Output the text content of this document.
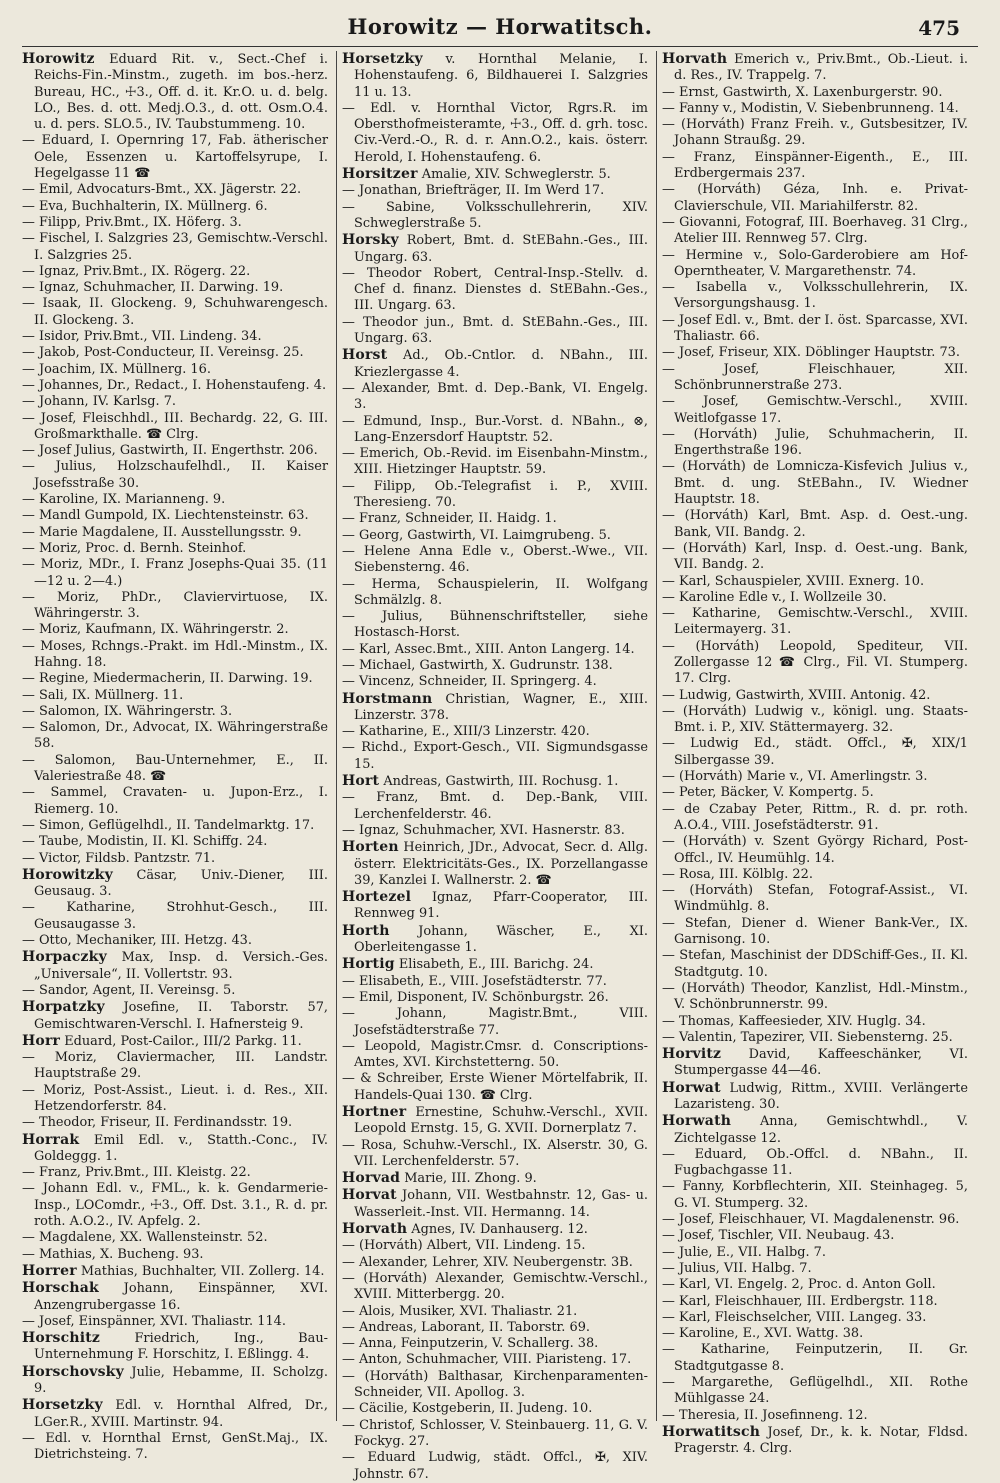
Horowitz — Horwatitsch.	475

Horowitz Eduard Rit. v., Sect.-Chef i. Reichs-Fin.-Minstm., zugeth. im bos.-herz. Bureau, HC., ☩3., Off. d. it. Kr.O. u. d. belg. LO., Bes. d. ott. Medj.O.3., d. ott. Osm.O.4. u. d. pers. SLO.5., IV. Taubstummeng. 10.

— Eduard, I. Opernring 17, Fab. ätherischer Oele, Essenzen u. Kartoffelsyrupe, I. Hegelgasse 11 ☎

— Emil, Advocaturs-Bmt., XX. Jägerstr. 22.

— Eva, Buchhalterin, IX. Müllnerg. 6.

— Filipp, Priv.Bmt., IX. Höferg. 3.

— Fischel, I. Salzgries 23, Gemischtw.-Verschl. I. Salzgries 25.

— Ignaz, Priv.Bmt., IX. Rögerg. 22.

— Ignaz, Schuhmacher, II. Darwing. 19.

— Isaak, II. Glockeng. 9, Schuhwarengesch. II. Glockeng. 3.

— Isidor, Priv.Bmt., VII. Lindeng. 34.

— Jakob, Post-Conducteur, II. Vereinsg. 25.

— Joachim, IX. Müllnerg. 16.

— Johannes, Dr., Redact., I. Hohenstaufeng. 4.

— Johann, IV. Karlsg. 7.

— Josef, Fleischhdl., III. Bechardg. 22, G. III. Großmarkthalle. ☎ Clrg.

— Josef Julius, Gastwirth, II. Engerthstr. 206.

— Julius, Holzschaufelhdl., II. Kaiser Josefsstraße 30.

— Karoline, IX. Marianneng. 9.

— Mandl Gumpold, IX. Liechtensteinstr. 63.

— Marie Magdalene, II. Ausstellungsstr. 9.

— Moriz, Proc. d. Bernh. Steinhof.

— Moriz, MDr., I. Franz Josephs-Quai 35. (11—12 u. 2—4.)

— Moriz, PhDr., Claviervirtuose, IX. Währingerstr. 3.

— Moriz, Kaufmann, IX. Währingerstr. 2.

— Moses, Rchngs.-Prakt. im Hdl.-Minstm., IX. Hahng. 18.

— Regine, Miedermacherin, II. Darwing. 19.

— Sali, IX. Müllnerg. 11.

— Salomon, IX. Währingerstr. 3.

— Salomon, Dr., Advocat, IX. Währingerstraße 58.

— Salomon, Bau-Unternehmer, E., II. Valeriestraße 48. ☎

— Sammel, Cravaten- u. Jupon-Erz., I. Riemerg. 10.

— Simon, Geflügelhdl., II. Tandelmarktg. 17.

— Taube, Modistin, II. Kl. Schiffg. 24.

— Victor, Fildsb. Pantzstr. 71.

Horowitzky Cäsar, Univ.-Diener, III. Geusaug. 3.

— Katharine, Strohhut-Gesch., III. Geusaugasse 3.

— Otto, Mechaniker, III. Hetzg. 43.

Horpaczky Max, Insp. d. Versich.-Ges. „Universale“, II. Vollertstr. 93.

— Sandor, Agent, II. Vereinsg. 5.

Horpatzky Josefine, II. Taborstr. 57, Gemischtwaren-Verschl. I. Hafnersteig 9.

Horr Eduard, Post-Cailor., III/2 Parkg. 11.

— Moriz, Claviermacher, III. Landstr. Hauptstraße 29.

— Moriz, Post-Assist., Lieut. i. d. Res., XII. Hetzendorferstr. 84.

— Theodor, Friseur, II. Ferdinandsstr. 19.

Horrak Emil Edl. v., Statth.-Conc., IV. Goldeggg. 1.

— Franz, Priv.Bmt., III. Kleistg. 22.

— Johann Edl. v., FML., k. k. Gendarmerie-Insp., LOComdr., ☩3., Off. Dst. 3.1., R. d. pr. roth. A.O.2., IV. Apfelg. 2.

— Magdalene, XX. Wallensteinstr. 52.

— Mathias, X. Bucheng. 93.

Horrer Mathias, Buchhalter, VII. Zollerg. 14.

Horschak Johann, Einspänner, XVI. Anzengrubergasse 16.

— Josef, Einspänner, XVI. Thaliastr. 114.

Horschitz Friedrich, Ing., Bau-Unternehmung F. Horschitz, I. Eßlingg. 4.

Horschovsky Julie, Hebamme, II. Scholzg. 9.

Horsetzky Edl. v. Hornthal Alfred, Dr., LGer.R., XVIII. Martinstr. 94.

— Edl. v. Hornthal Ernst, GenSt.Maj., IX. Dietrichsteing. 7.

Horsetzky v. Hornthal Melanie, I. Hohenstaufeng. 6, Bildhauerei I. Salzgries 11 u. 13.

— Edl. v. Hornthal Victor, Rgrs.R. im Obersthofmeisteramte, ☩3., Off. d. grh. tosc. Civ.-Verd.-O., R. d. r. Ann.O.2., kais. österr. Herold, I. Hohenstaufeng. 6.

Horsitzer Amalie, XIV. Schweglerstr. 5.

— Jonathan, Briefträger, II. Im Werd 17.

— Sabine, Volksschullehrerin, XIV. Schweglerstraße 5.

Horsky Robert, Bmt. d. StEBahn.-Ges., III. Ungarg. 63.

— Theodor Robert, Central-Insp.-Stellv. d. Chef d. finanz. Dienstes d. StEBahn.-Ges., III. Ungarg. 63.

— Theodor jun., Bmt. d. StEBahn.-Ges., III. Ungarg. 63.

Horst Ad., Ob.-Cntlor. d. NBahn., III. Kriezlergasse 4.

— Alexander, Bmt. d. Dep.-Bank, VI. Engelg. 3.

— Edmund, Insp., Bur.-Vorst. d. NBahn., ⊗, Lang-Enzersdorf Hauptstr. 52.

— Emerich, Ob.-Revid. im Eisenbahn-Minstm., XIII. Hietzinger Hauptstr. 59.

— Filipp, Ob.-Telegrafist i. P., XVIII. Theresieng. 70.

— Franz, Schneider, II. Haidg. 1.

— Georg, Gastwirth, VI. Laimgrubeng. 5.

— Helene Anna Edle v., Oberst.-Wwe., VII. Siebensterng. 46.

— Herma, Schauspielerin, II. Wolfgang Schmälzlg. 8.

— Julius, Bühnenschriftsteller, siehe Hostasch-Horst.

— Karl, Assec.Bmt., XIII. Anton Langerg. 14.

— Michael, Gastwirth, X. Gudrunstr. 138.

— Vincenz, Schneider, II. Springerg. 4.

Horstmann Christian, Wagner, E., XIII. Linzerstr. 378.

— Katharine, E., XIII/3 Linzerstr. 420.

— Richd., Export-Gesch., VII. Sigmundsgasse 15.

Hort Andreas, Gastwirth, III. Rochusg. 1.

— Franz, Bmt. d. Dep.-Bank, VIII. Lerchenfelderstr. 46.

— Ignaz, Schuhmacher, XVI. Hasnerstr. 83.

Horten Heinrich, JDr., Advocat, Secr. d. Allg. österr. Elektricitäts-Ges., IX. Porzellangasse 39, Kanzlei I. Wallnerstr. 2. ☎

Hortezel Ignaz, Pfarr-Cooperator, III. Rennweg 91.

Horth Johann, Wäscher, E., XI. Oberleitengasse 1.

Hortig Elisabeth, E., III. Barichg. 24.

— Elisabeth, E., VIII. Josefstädterstr. 77.

— Emil, Disponent, IV. Schönburgstr. 26.

— Johann, Magistr.Bmt., VIII. Josefstädterstraße 77.

— Leopold, Magistr.Cmsr. d. Conscriptions-Amtes, XVI. Kirchstetterng. 50.

— & Schreiber, Erste Wiener Mörtelfabrik, II. Handels-Quai 130. ☎ Clrg.

Hortner Ernestine, Schuhw.-Verschl., XVII. Leopold Ernstg. 15, G. XVII. Dornerplatz 7.

— Rosa, Schuhw.-Verschl., IX. Alserstr. 30, G. VII. Lerchenfelderstr. 57.

Horvad Marie, III. Zhong. 9.

Horvat Johann, VII. Westbahnstr. 12, Gas- u. Wasserleit.-Inst. VII. Hermanng. 14.

Horvath Agnes, IV. Danhauserg. 12.

— (Horváth) Albert, VII. Lindeng. 15.

— Alexander, Lehrer, XIV. Neubergenstr. 3B.

— (Horváth) Alexander, Gemischtw.-Verschl., XVIII. Mitterbergg. 20.

— Alois, Musiker, XVI. Thaliastr. 21.

— Andreas, Laborant, II. Taborstr. 69.

— Anna, Feinputzerin, V. Schallerg. 38.

— Anton, Schuhmacher, VIII. Piaristeng. 17.

— (Horváth) Balthasar, Kirchenparamenten-Schneider, VII. Apollog. 3.

— Cäcilie, Kostgeberin, II. Judeng. 10.

— Christof, Schlosser, V. Steinbauerg. 11, G. V. Fockyg. 27.

— Eduard Ludwig, städt. Offcl., ✠, XIV. Johnstr. 67.

Horvath Emerich v., Priv.Bmt., Ob.-Lieut. i. d. Res., IV. Trappelg. 7.

— Ernst, Gastwirth, X. Laxenburgerstr. 90.

— Fanny v., Modistin, V. Siebenbrunneng. 14.

— (Horváth) Franz Freih. v., Gutsbesitzer, IV. Johann Straußg. 29.

— Franz, Einspänner-Eigenth., E., III. Erdbergermais 237.

— (Horváth) Géza, Inh. e. Privat-Clavierschule, VII. Mariahilferstr. 82.

— Giovanni, Fotograf, III. Boerhaveg. 31 Clrg., Atelier III. Rennweg 57. Clrg.

— Hermine v., Solo-Garderobiere am Hof-Operntheater, V. Margarethenstr. 74.

— Isabella v., Volksschullehrerin, IX. Versorgungshausg. 1.

— Josef Edl. v., Bmt. der I. öst. Sparcasse, XVI. Thaliastr. 66.

— Josef, Friseur, XIX. Döblinger Hauptstr. 73.

— Josef, Fleischhauer, XII. Schönbrunnerstraße 273.

— Josef, Gemischtw.-Verschl., XVIII. Weitlofgasse 17.

— (Horváth) Julie, Schuhmacherin, II. Engerthstraße 196.

— (Horváth) de Lomnicza-Kisfevich Julius v., Bmt. d. ung. StEBahn., IV. Wiedner Hauptstr. 18.

— (Horváth) Karl, Bmt. Asp. d. Oest.-ung. Bank, VII. Bandg. 2.

— (Horváth) Karl, Insp. d. Oest.-ung. Bank, VII. Bandg. 2.

— Karl, Schauspieler, XVIII. Exnerg. 10.

— Karoline Edle v., I. Wollzeile 30.

— Katharine, Gemischtw.-Verschl., XVIII. Leitermayerg. 31.

— (Horváth) Leopold, Spediteur, VII. Zollergasse 12 ☎ Clrg., Fil. VI. Stumperg. 17. Clrg.

— Ludwig, Gastwirth, XVIII. Antonig. 42.

— (Horváth) Ludwig v., königl. ung. Staats-Bmt. i. P., XIV. Stättermayerg. 32.

— Ludwig Ed., städt. Offcl., ✠, XIX/1 Silbergasse 39.

— (Horváth) Marie v., VI. Amerlingstr. 3.

— Peter, Bäcker, V. Kompertg. 5.

— de Czabay Peter, Rittm., R. d. pr. roth. A.O.4., VIII. Josefstädterstr. 91.

— (Horváth) v. Szent György Richard, Post-Offcl., IV. Heumühlg. 14.

— Rosa, III. Kölblg. 22.

— (Horváth) Stefan, Fotograf-Assist., VI. Windmühlg. 8.

— Stefan, Diener d. Wiener Bank-Ver., IX. Garnisong. 10.

— Stefan, Maschinist der DDSchiff-Ges., II. Kl. Stadtgutg. 10.

— (Horváth) Theodor, Kanzlist, Hdl.-Minstm., V. Schönbrunnerstr. 99.

— Thomas, Kaffeesieder, XIV. Huglg. 34.

— Valentin, Tapezirer, VII. Siebensterng. 25.

Horvitz David, Kaffeeschänker, VI. Stumpergasse 44—46.

Horwat Ludwig, Rittm., XVIII. Verlängerte Lazaristeng. 30.

Horwath Anna, Gemischtwhdl., V. Zichtelgasse 12.

— Eduard, Ob.-Offcl. d. NBahn., II. Fugbachgasse 11.

— Fanny, Korbflechterin, XII. Steinhageg. 5, G. VI. Stumperg. 32.

— Josef, Fleischhauer, VI. Magdalenenstr. 96.

— Josef, Tischler, VII. Neubaug. 43.

— Julie, E., VII. Halbg. 7.

— Julius, VII. Halbg. 7.

— Karl, VI. Engelg. 2, Proc. d. Anton Goll.

— Karl, Fleischhauer, III. Erdbergstr. 118.

— Karl, Fleischselcher, VIII. Langeg. 33.

— Karoline, E., XVI. Wattg. 38.

— Katharine, Feinputzerin, II. Gr. Stadtgutgasse 8.

— Margarethe, Geflügelhdl., XII. Rothe Mühlgasse 24.

— Theresia, II. Josefinneng. 12.

Horwatitsch Josef, Dr., k. k. Notar, Fldsd. Pragerstr. 4. Clrg.
